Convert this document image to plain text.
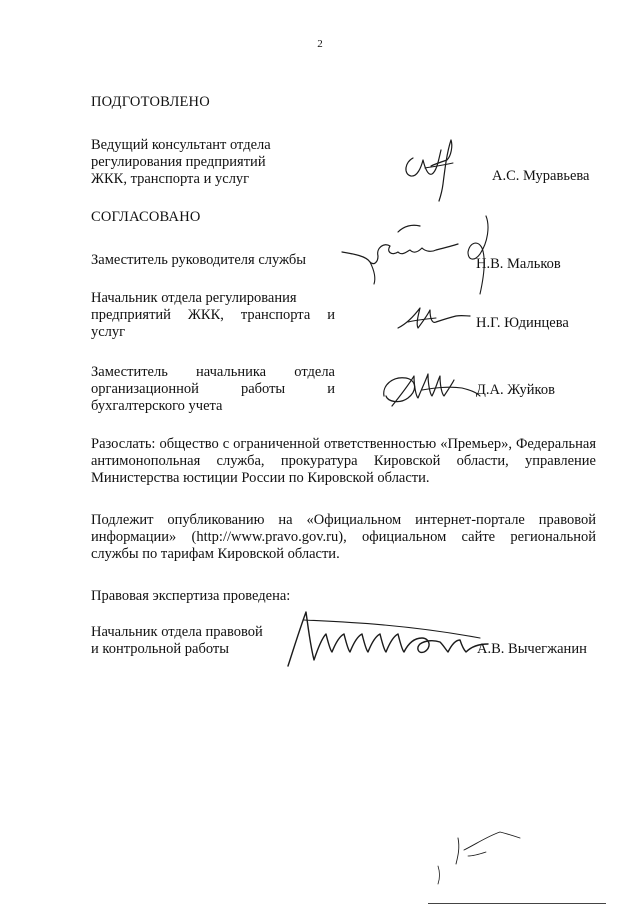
2
ПОДГОТОВЛЕНО
Ведущий консультант отдела
регулирования предприятий
ЖКК, транспорта и услуг	А.С. Муравьева
СОГЛАСОВАНО
Заместитель руководителя службы	Н.В. Мальков
Начальник отдела регулирования
предприятий ЖКК, транспорта и
услуг
Н.Г. Юдинцева
Заместитель начальника отдела
организационной работы и
бухгалтерского учета
Д.А. Жуйков
Разослать: общество с ограниченной ответственностью «Премьер», Федеральная антимонопольная служба, прокуратура Кировской области, управление Министерства юстиции России по Кировской области.
Подлежит опубликованию на «Официальном интернет-портале правовой информации» (http://www.pravo.gov.ru), официальном сайте региональной службы по тарифам Кировской области.
Правовая экспертиза проведена:
Начальник отдела правовой
и контрольной работы	А.В. Вычегжанин
